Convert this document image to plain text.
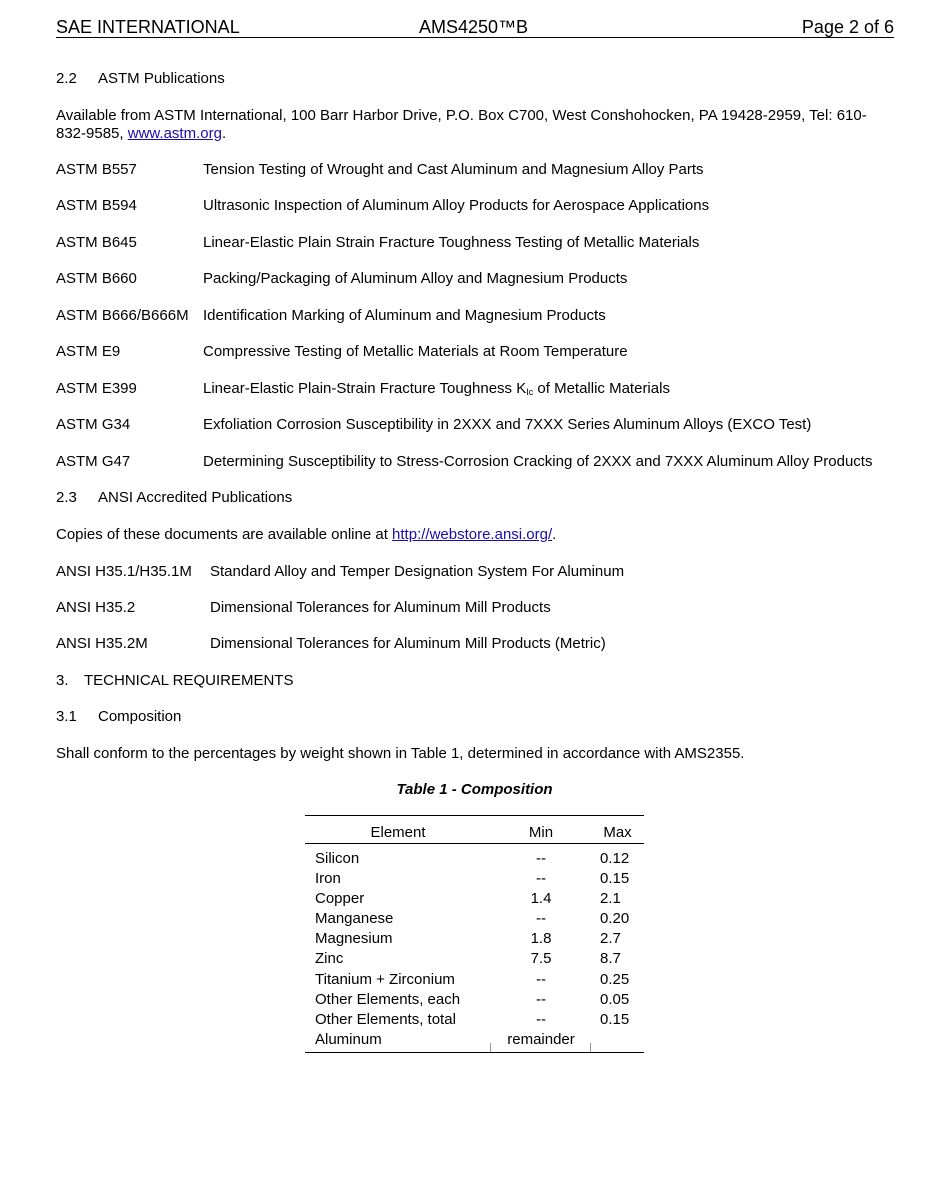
SAE INTERNATIONAL	AMS4250™B	Page 2 of 6
2.2 ASTM Publications
Available from ASTM International, 100 Barr Harbor Drive, P.O. Box C700, West Conshohocken, PA 19428-2959, Tel: 610-
832-9585, www.astm.org.
ASTM B557	Tension Testing of Wrought and Cast Aluminum and Magnesium Alloy Parts
ASTM B594	Ultrasonic Inspection of Aluminum Alloy Products for Aerospace Applications
ASTM B645	Linear-Elastic Plain Strain Fracture Toughness Testing of Metallic Materials
ASTM B660	Packing/Packaging of Aluminum Alloy and Magnesium Products
ASTM B666/B666M Identification Marking of Aluminum and Magnesium Products
ASTM E9	Compressive Testing of Metallic Materials at Room Temperature
ASTM E399	Linear-Elastic Plain-Strain Fracture Toughness $K_{Ic}$ of Metallic Materials
ASTM G34	Exfoliation Corrosion Susceptibility in 2XXX and 7XXX Series Aluminum Alloys (EXCO Test)
ASTM G47	Determining Susceptibility to Stress-Corrosion Cracking of 2XXX and 7XXX Aluminum Alloy Products
2.3 ANSI Accredited Publications
Copies of these documents are available online at http://webstore.ansi.org/.
ANSI H35.1/H35.1M Standard Alloy and Temper Designation System For Aluminum
ANSI H35.2	Dimensional Tolerances for Aluminum Mill Products
ANSI H35.2M	Dimensional Tolerances for Aluminum Mill Products (Metric)
3. TECHNICAL REQUIREMENTS
3.1 Composition
Shall conform to the percentages by weight shown in Table 1, determined in accordance with AMS2355.
Table 1 - Composition
Element	Min	Max
Silicon	--	0.12
Iron	--	0.15
Copper	1.4	2.1
Manganese	--	0.20
Magnesium	1.8	2.7
Zinc	7.5	8.7
Titanium + Zirconium	--	0.25
Other Elements, each	--	0.05
Other Elements, total	--	0.15
Aluminum	remainder
